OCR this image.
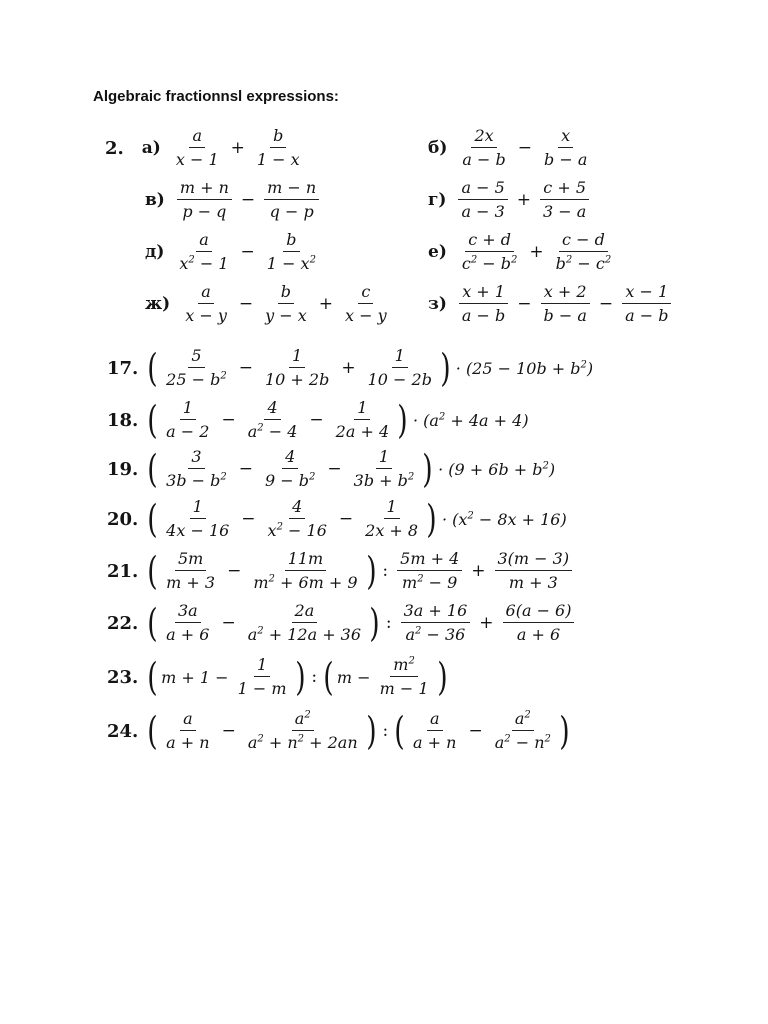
Algebraic fractionnsl expressions:
2. $а) \frac{a}{x - 1} + \frac{b}{1 - x}$	$б) \frac{2x}{a - b} - \frac{x}{b - a}$
$в) \frac{m + n}{p - q} - \frac{m - n}{q - p}$	$г) \frac{a - 5}{a - 3} + \frac{c + 5}{3 - a}$
$д) \frac{a}{x^2 - 1} - \frac{b}{1 - x^2}$	$е) \frac{c + d}{c^2 - b^2} + \frac{c - d}{b^2 - c^2}$
$ж) \frac{a}{x - y} - \frac{b}{y - x} + \frac{c}{x - y} з) \frac{x + 1}{a - b} - \frac{x + 2}{b - a} - \frac{x - 1}{a - b}$
17. ( $\frac{5}{25 - b^2} - \frac{1}{10 + 2b} + \frac{1}{10 - 2b}$ ) · $(25 - 10b + b^2)$
18. ( $\frac{1}{a - 2} - \frac{4}{a^2 - 4} - \frac{1}{2a + 4}$ ) · $(a^2 + 4a + 4)$
19. ( $\frac{3}{3b - b^2} - \frac{4}{9 - b^2} - \frac{1}{3b + b^2}$ ) · $(9 + 6b + b^2)$
20. ( $\frac{1}{4x - 16} - \frac{4}{x^2 - 16} - \frac{1}{2x + 8}$ ) · $(x^2 - 8x + 16)$
21. ( $\frac{5m}{m + 3} - \frac{11m}{m^2 + 6m + 9}$ ) : $\frac{5m + 4}{m^2 - 9} + \frac{3(m - 3)}{m + 3}$
22. ( $\frac{3a}{a + 6} - \frac{2a}{a^2 + 12a + 36}$ ) : $\frac{3a + 16}{a^2 - 36} + \frac{6(a - 6)}{a + 6}$
23. ( $m + 1 - \frac{1}{1 - m}$ ) : ( $m - \frac{m^2}{m - 1}$ )
24. ( $\frac{a}{a + n} - \frac{a^2}{a^2 + n^2 + 2an}$ ) : ( $\frac{a}{a + n} - \frac{a^2}{a^2 - n^2}$ )
